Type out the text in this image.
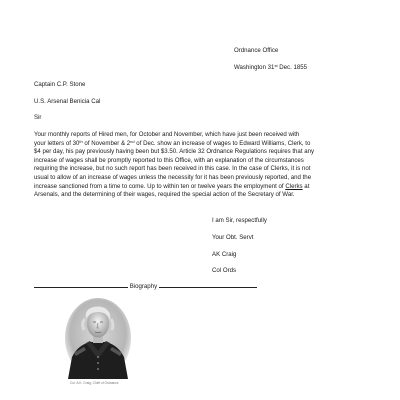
Ordnance Office
Washington 31st Dec. 1855
Captain C.P. Stone
U.S. Arsenal Benicia Cal
Sir
Your monthly reports of Hired men, for October and November, which have just been received with
your letters of 30th of November & 2nd of Dec. show an increase of wages to Edward Williams, Clerk, to
$4 per day, his pay previously having been but $3.50. Article 32 Ordnance Regulations requires that any
increase of wages shall be promptly reported to this Office, with an explanation of the circumstances
requiring the increase, but no such report has been received in this case. In the case of Clerks, it is not
usual to allow of an increase of wages unless the necessity for it has been previously reported, and the
increase sanctioned from a time to come. Up to within ten or twelve years the employment of Clerks at
Arsenals, and the determining of their wages, required the special action of the Secretary of War.
I am Sir, respectfully
Your Obt. Servt
AK Craig
Col Ords
Biography
Col. A.K. Craig, Chief of Ordnance
